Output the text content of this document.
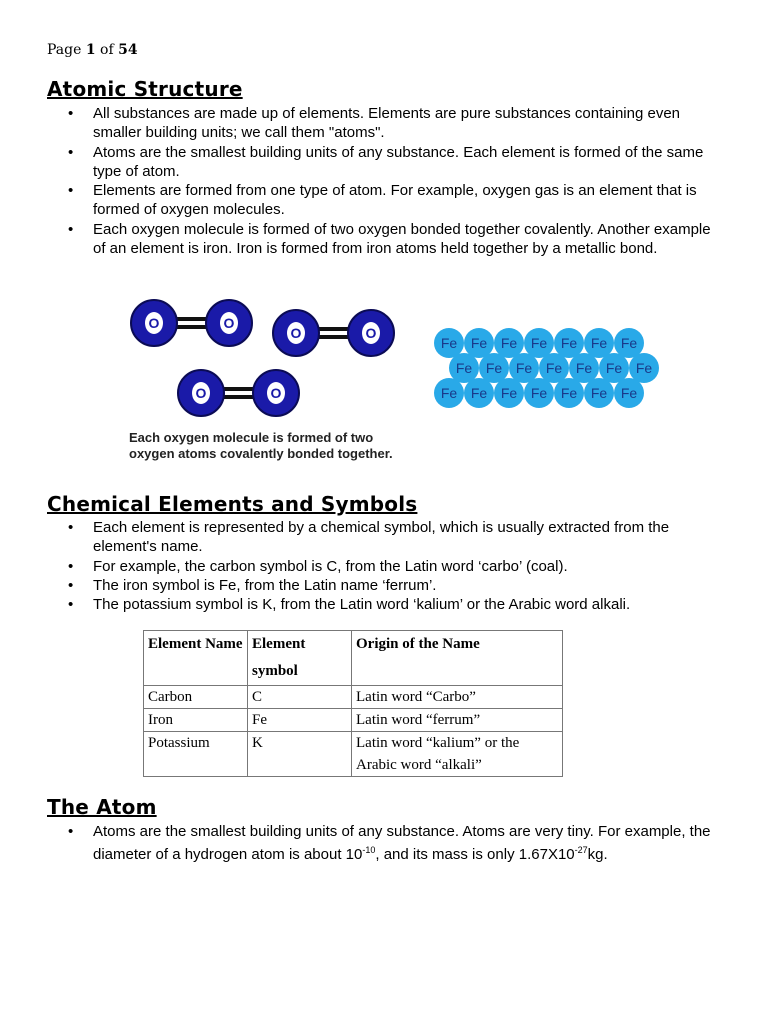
Page 1 of 54
Atomic Structure
• All substances are made up of elements. Elements are pure substances containing even smaller building units; we call them "atoms".
• Atoms are the smallest building units of any substance. Each element is formed of the same type of atom.
• Elements are formed from one type of atom. For example, oxygen gas is an element that is formed of oxygen molecules.
• Each oxygen molecule is formed of two oxygen bonded together covalently. Another example of an element is iron. Iron is formed from iron atoms held together by a metallic bond.
O	O
O	O
O	O
Fe Fe Fe Fe Fe Fe Fe
Fe Fe Fe Fe Fe Fe Fe
Fe Fe Fe Fe Fe Fe Fe
Each oxygen molecule is formed of two
oxygen atoms covalently bonded together.
Chemical Elements and Symbols
• Each element is represented by a chemical symbol, which is usually extracted from the element's name.
• For example, the carbon symbol is C, from the Latin word ‘carbo’ (coal).
• The iron symbol is Fe, from the Latin name ‘ferrum’.
• The potassium symbol is K, from the Latin word ‘kalium’ or the Arabic word alkali.
Element Name	Element symbol	Origin of the Name
Carbon	C	Latin word “Carbo”
Iron	Fe	Latin word “ferrum”
Potassium	K	Latin word “kalium” or the Arabic word “alkali”
The Atom
• Atoms are the smallest building units of any substance. Atoms are very tiny. For example, the diameter of a hydrogen atom is about $10^{-10}$, and its mass is only $1.67X10^{-27}kg$.
